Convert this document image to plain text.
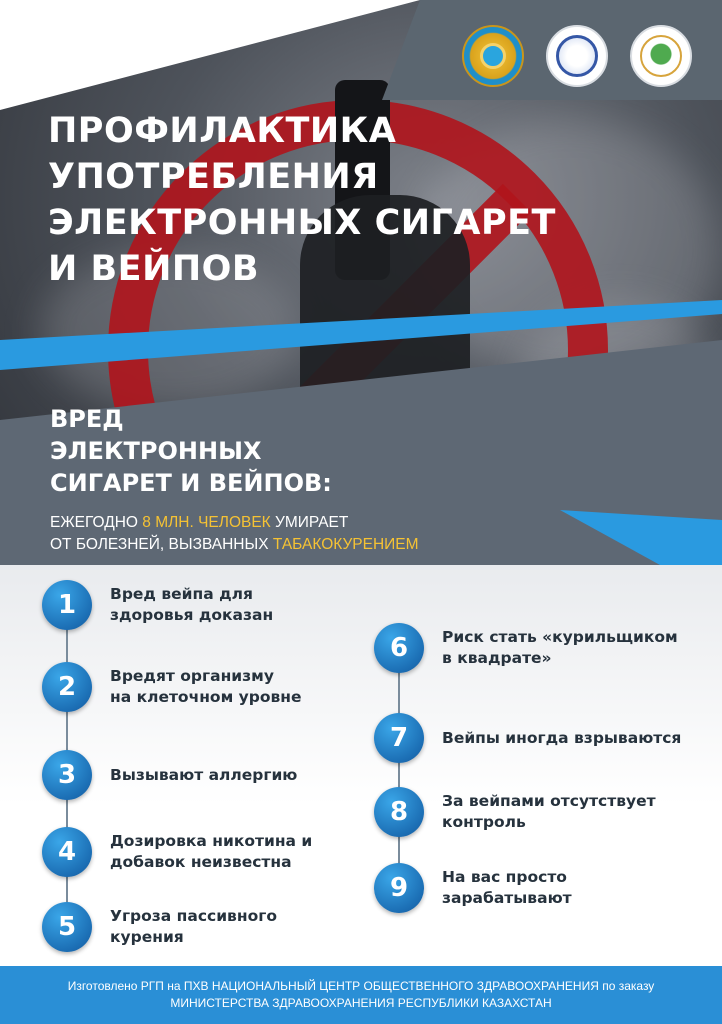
ПРОФИЛАКТИКА
УПОТРЕБЛЕНИЯ
ЭЛЕКТРОННЫХ СИГАРЕТ
И ВЕЙПОВ
ВРЕД
ЭЛЕКТРОННЫХ
СИГАРЕТ И ВЕЙПОВ:
ЕЖЕГОДНО 8 МЛН. ЧЕЛОВЕК УМИРАЕТ
ОТ БОЛЕЗНЕЙ, ВЫЗВАННЫХ ТАБАКОКУРЕНИЕМ
1	Вред вейпа для
здоровья доказан
2	Вредят организму
на клеточном уровне
3	Вызывают аллергию
4	Дозировка никотина и
добавок неизвестна
5	Угроза пассивного
курения
6	Риск стать «курильщиком
в квадрате»
7	Вейпы иногда взрываются
8	За вейпами отсутствует
контроль
9	На вас просто
зарабатывают
Изготовлено РГП на ПХВ НАЦИОНАЛЬНЫЙ ЦЕНТР ОБЩЕСТВЕННОГО ЗДРАВООХРАНЕНИЯ по заказу
МИНИСТЕРСТВА ЗДРАВООХРАНЕНИЯ РЕСПУБЛИКИ КАЗАХСТАН
